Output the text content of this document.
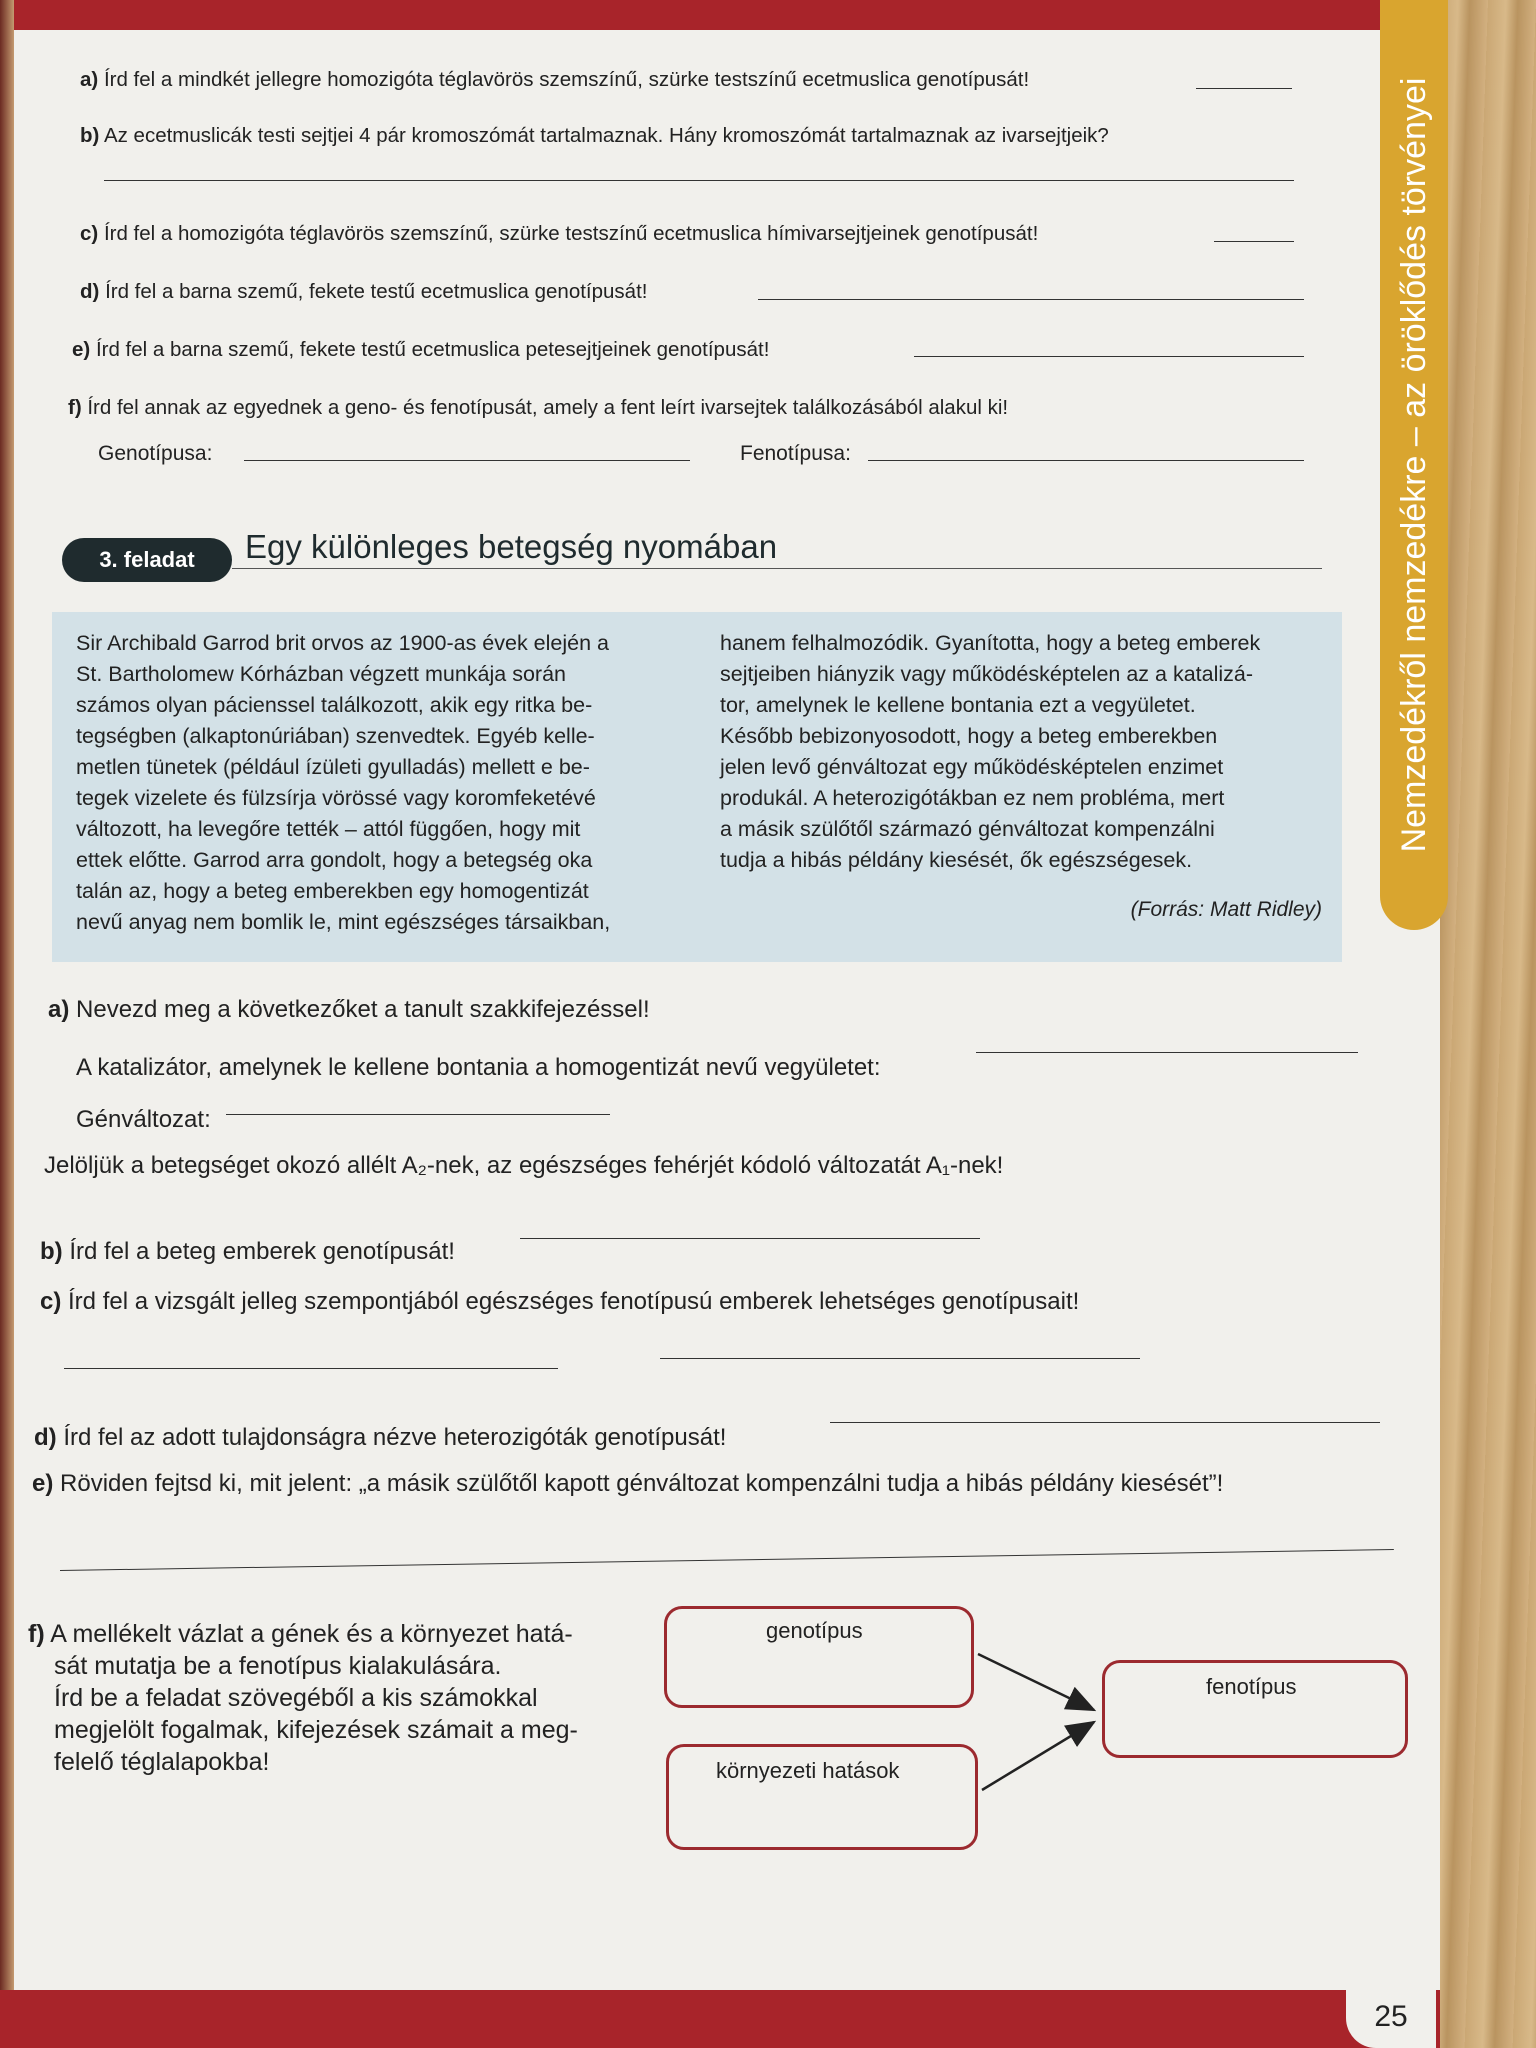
Nemzedékről nemzedékre – az öröklődés törvényei
a) Írd fel a mindkét jellegre homozigóta téglavörös szemszínű, szürke testszínű ecetmuslica genotípusát!
b) Az ecetmuslicák testi sejtjei 4 pár kromoszómát tartalmaznak. Hány kromoszómát tartalmaznak az ivarsejtjeik?
c) Írd fel a homozigóta téglavörös szemszínű, szürke testszínű ecetmuslica hímivarsejtjeinek genotípusát!
d) Írd fel a barna szemű, fekete testű ecetmuslica genotípusát!
e) Írd fel a barna szemű, fekete testű ecetmuslica petesejtjeinek genotípusát!
f) Írd fel annak az egyednek a geno- és fenotípusát, amely a fent leírt ivarsejtek találkozásából alakul ki!
Genotípusa:	Fenotípusa:
3. feladat	Egy különleges betegség nyomában

Sir Archibald Garrod brit orvos az 1900-as évek elején a

St. Bartholomew Kórházban végzett munkája során

számos olyan pácienssel találkozott, akik egy ritka be-

tegségben (alkaptonúriában) szenvedtek. Egyéb kelle-

metlen tünetek (például ízületi gyulladás) mellett e be-

tegek vizelete és fülzsírja vörössé vagy koromfeketévé

változott, ha levegőre tették – attól függően, hogy mit

ettek előtte. Garrod arra gondolt, hogy a betegség oka

talán az, hogy a beteg emberekben egy homogentizát

nevű anyag nem bomlik le, mint egészséges társaikban,

hanem felhalmozódik. Gyanította, hogy a beteg emberek

sejtjeiben hiányzik vagy működésképtelen az a katalizá-

tor, amelynek le kellene bontania ezt a vegyületet.

Később bebizonyosodott, hogy a beteg emberekben

jelen levő génváltozat egy működésképtelen enzimet

produkál. A heterozigótákban ez nem probléma, mert

a másik szülőtől származó génváltozat kompenzálni

tudja a hibás példány kiesését, ők egészségesek.

(Forrás: Matt Ridley)
a) Nevezd meg a következőket a tanult szakkifejezéssel!
A katalizátor, amelynek le kellene bontania a homogentizát nevű vegyületet:
Génváltozat:
Jelöljük a betegséget okozó allélt A₂-nek, az egészséges fehérjét kódoló változatát A₁-nek!
b) Írd fel a beteg emberek genotípusát!
c) Írd fel a vizsgált jelleg szempontjából egészséges fenotípusú emberek lehetséges genotípusait!
d) Írd fel az adott tulajdonságra nézve heterozigóták genotípusát!
e) Röviden fejtsd ki, mit jelent: „a másik szülőtől kapott génváltozat kompenzálni tudja a hibás példány kiesését”!
f) A mellékelt vázlat a gének és a környezet hatá-
sát mutatja be a fenotípus kialakulására.
Írd be a feladat szövegéből a kis számokkal
megjelölt fogalmak, kifejezések számait a meg-
felelő téglalapokba!
genotípus
környezeti hatások
fenotípus
25
